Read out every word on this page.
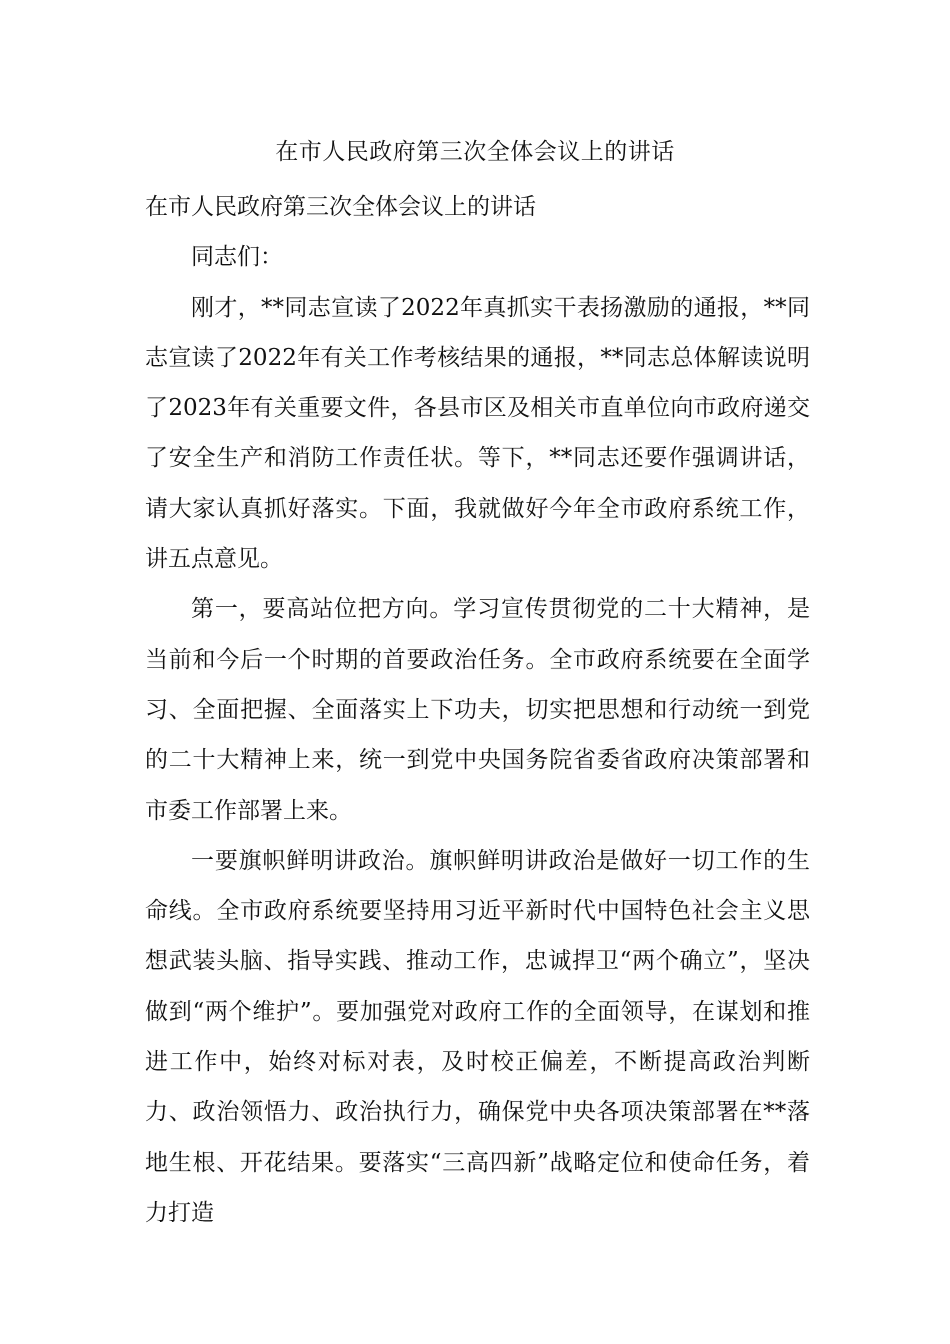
在市人民政府第三次全体会议上的讲话

在市人民政府第三次全体会议上的讲话

同志们：

刚才，**同志宣读了2022年真抓实干表扬激励的通报，**同志宣读了2022年有关工作考核结果的通报，**同志总体解读说明了2023年有关重要文件，各县市区及相关市直单位向市政府递交了安全生产和消防工作责任状。等下，**同志还要作强调讲话，请大家认真抓好落实。下面，我就做好今年全市政府系统工作，讲五点意见。

第一，要高站位把方向。学习宣传贯彻党的二十大精神，是当前和今后一个时期的首要政治任务。全市政府系统要在全面学习、全面把握、全面落实上下功夫，切实把思想和行动统一到党的二十大精神上来，统一到党中央国务院省委省政府决策部署和市委工作部署上来。

一要旗帜鲜明讲政治。旗帜鲜明讲政治是做好一切工作的生命线。全市政府系统要坚持用习近平新时代中国特色社会主义思想武装头脑、指导实践、推动工作，忠诚捍卫“两个确立”，坚决做到“两个维护”。要加强党对政府工作的全面领导，在谋划和推进工作中，始终对标对表，及时校正偏差，不断提高政治判断力、政治领悟力、政治执行力，确保党中央各项决策部署在**落地生根、开花结果。要落实“三高四新”战略定位和使命任务，着力打造
